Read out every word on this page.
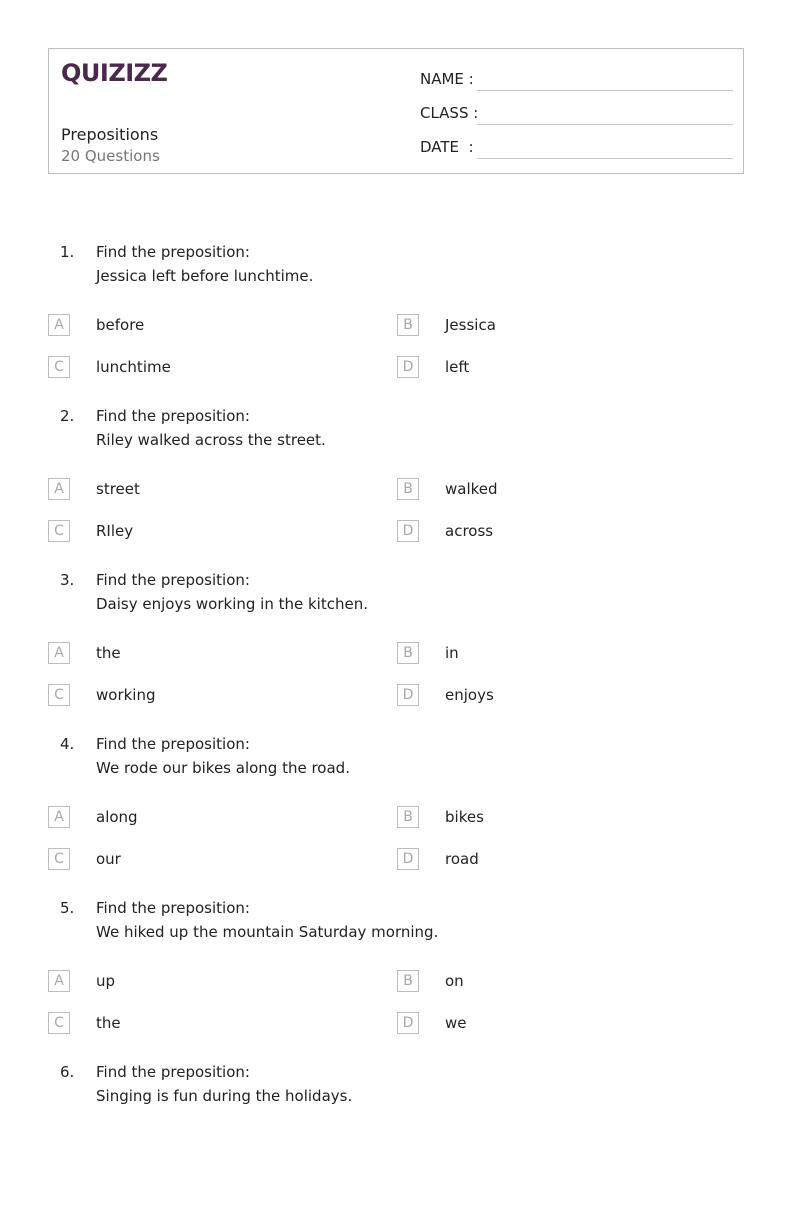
QUIZIZZ
Prepositions
20 Questions
NAME :
CLASS :
DATE  :
1. Find the preposition:
Jessica left before lunchtime.
A	before	B	Jessica
C	lunchtime	D	left
2. Find the preposition:
Riley walked across the street.
A	street	B	walked
C	RIley	D	across
3. Find the preposition:
Daisy enjoys working in the kitchen.
A	the	B	in
C	working	D	enjoys
4. Find the preposition:
We rode our bikes along the road.
A	along	B	bikes
C	our	D	road
5. Find the preposition:
We hiked up the mountain Saturday morning.
A	up	B	on
C	the	D	we
6. Find the preposition:
Singing is fun during the holidays.
